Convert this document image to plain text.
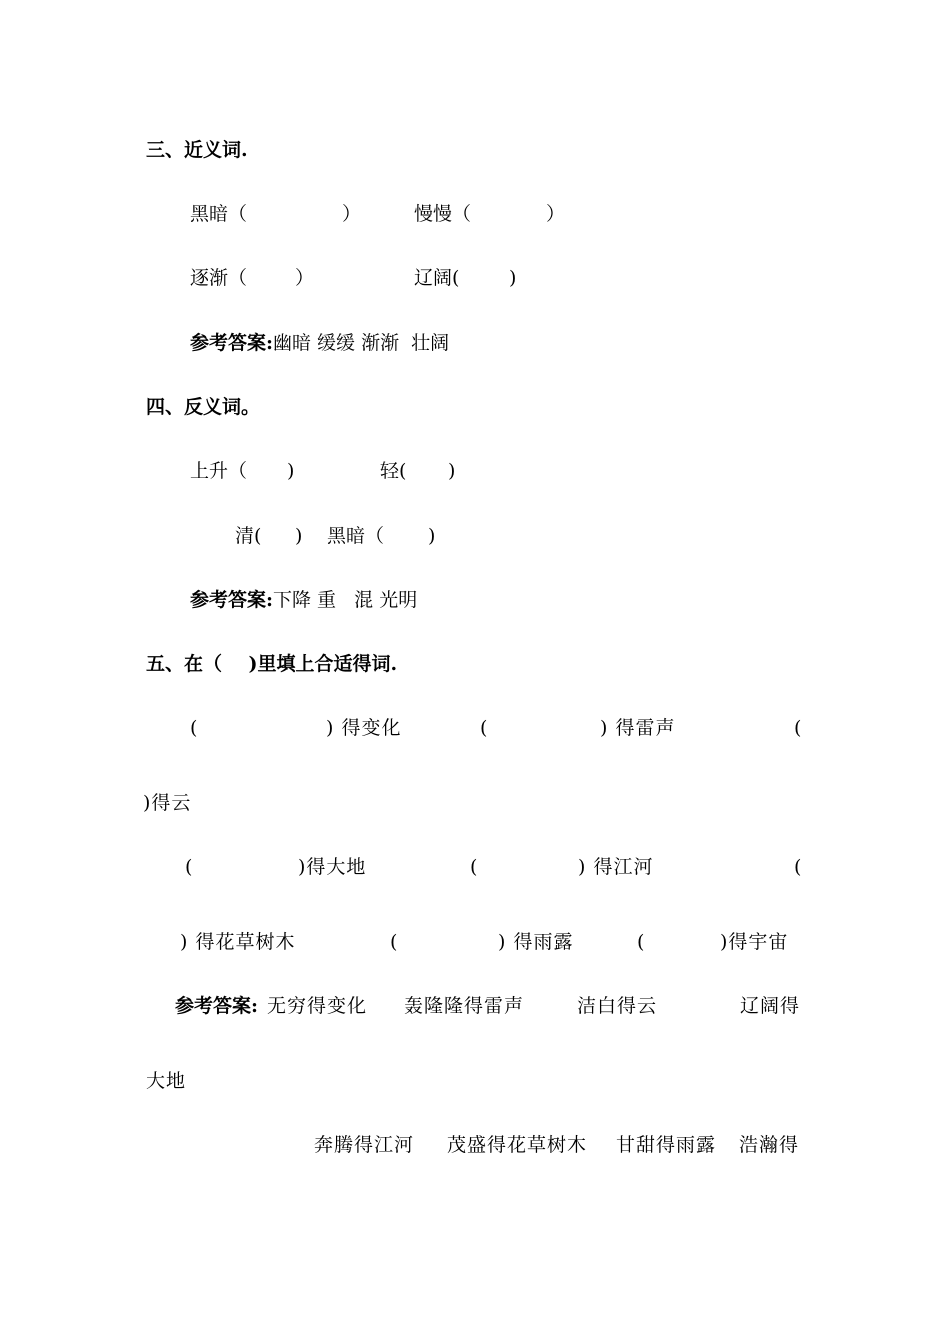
三、近义词.
黑暗（	）	慢慢（	）
逐渐（	）	辽阔(	)
参考答案:幽暗 缓缓 渐渐  壮阔
四、反义词。
上升（ )	轻( )
清( ) 黑暗（ )
参考答案:下降 重   混 光明
五、在（    )里填上合适得词.
(	) 得变化	(	) 得雷声	(
)得云
(	)得大地	(	) 得江河	(
) 得花草树木	(	) 得雨露	(	)得宇宙
参考答案: 无穷得变化 轰隆隆得雷声	洁白得云	辽阔得
大地
奔腾得江河 茂盛得花草树木 甘甜得雨露 浩瀚得
